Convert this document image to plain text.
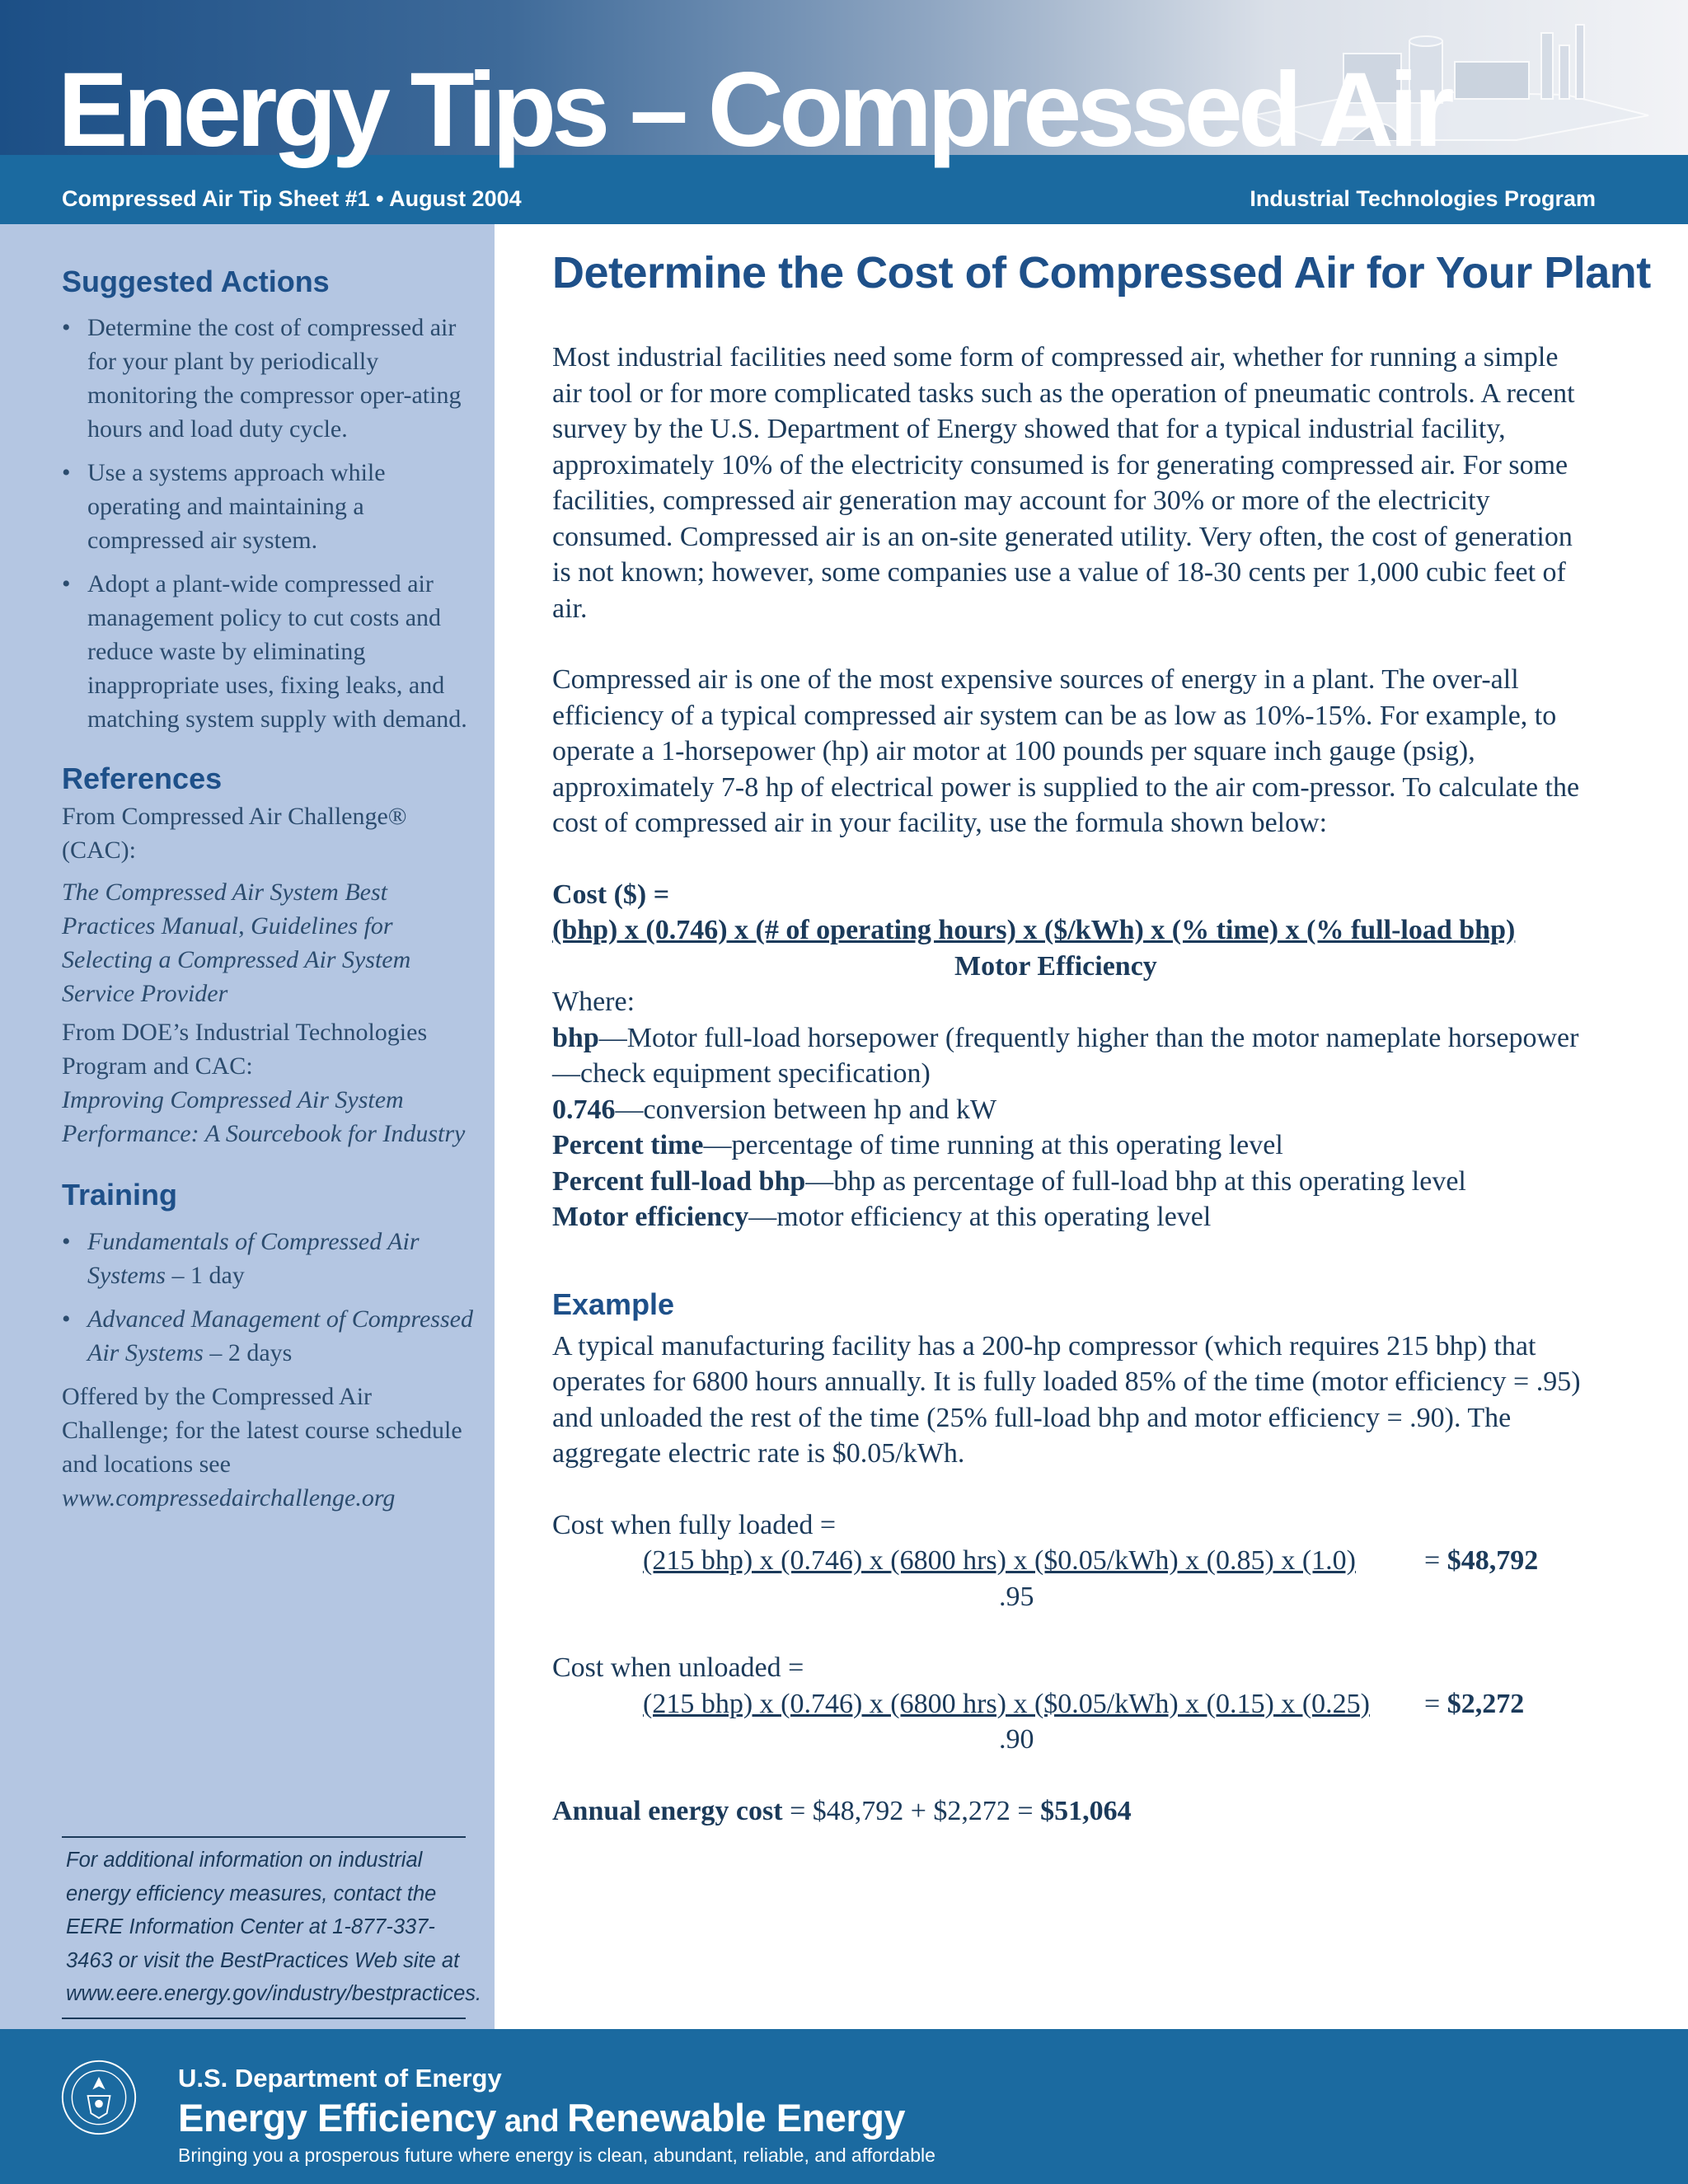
Energy Tips – Compressed Air
Compressed Air Tip Sheet #1 • August 2004	Industrial Technologies Program
Suggested Actions
• Determine the cost of compressed air for your plant by periodically monitoring the compressor oper-ating hours and load duty cycle.
• Use a systems approach while operating and maintaining a compressed air system.
• Adopt a plant-wide compressed air management policy to cut costs and reduce waste by eliminating inappropriate uses, fixing leaks, and matching system supply with demand.
References

From Compressed Air Challenge® (CAC):

The Compressed Air System Best Practices Manual, Guidelines for Selecting a Compressed Air System Service Provider

From DOE’s Industrial Technologies Program and CAC:

Improving Compressed Air System Performance: A Sourcebook for Industry

Training
• Fundamentals of Compressed Air Systems – 1 day
• Advanced Management of Compressed Air Systems – 2 days

Offered by the Compressed Air Challenge; for the latest course schedule and locations see

www.compressedairchallenge.org

For additional information on industrial energy efficiency measures, contact the EERE Information Center at 1-877-337-3463 or visit the BestPractices Web site at www.eere.energy.gov/industry/bestpractices.

Determine the Cost of Compressed Air for Your Plant

Most industrial facilities need some form of compressed air, whether for running a simple air tool or for more complicated tasks such as the operation of pneumatic controls. A recent survey by the U.S. Department of Energy showed that for a typical industrial facility, approximately 10% of the electricity consumed is for generating compressed air. For some facilities, compressed air generation may account for 30% or more of the electricity consumed. Compressed air is an on-site generated utility. Very often, the cost of generation is not known; however, some companies use a value of 18-30 cents per 1,000 cubic feet of air.

Compressed air is one of the most expensive sources of energy in a plant. The over-all efficiency of a typical compressed air system can be as low as 10%-15%. For example, to operate a 1-horsepower (hp) air motor at 100 pounds per square inch gauge (psig), approximately 7-8 hp of electrical power is supplied to the air com-pressor. To calculate the cost of compressed air in your facility, use the formula shown below:

Cost ($) =
(bhp) x (0.746) x (# of operating hours) x ($/kWh) x (% time) x (% full-load bhp)
Motor Efficiency
Where:

bhp—Motor full-load horsepower (frequently higher than the motor nameplate horsepower—check equipment specification)

0.746—conversion between hp and kW

Percent time—percentage of time running at this operating level

Percent full-load bhp—bhp as percentage of full-load bhp at this operating level

Motor efficiency—motor efficiency at this operating level

Example

A typical manufacturing facility has a 200-hp compressor (which requires 215 bhp) that operates for 6800 hours annually. It is fully loaded 85% of the time (motor efficiency = .95) and unloaded the rest of the time (25% full-load bhp and motor efficiency = .90). The aggregate electric rate is $0.05/kWh.

Cost when fully loaded =
(215 bhp) x (0.746) x (6800 hrs) x ($0.05/kWh) x (0.85) x (1.0) = $48,792
.95
Cost when unloaded =
(215 bhp) x (0.746) x (6800 hrs) x ($0.05/kWh) x (0.15) x (0.25) = $2,272
.90
Annual energy cost = $48,792 + $2,272 = $51,064
U.S. Department of Energy
Energy Efficiency and Renewable Energy
Bringing you a prosperous future where energy is clean, abundant, reliable, and affordable
